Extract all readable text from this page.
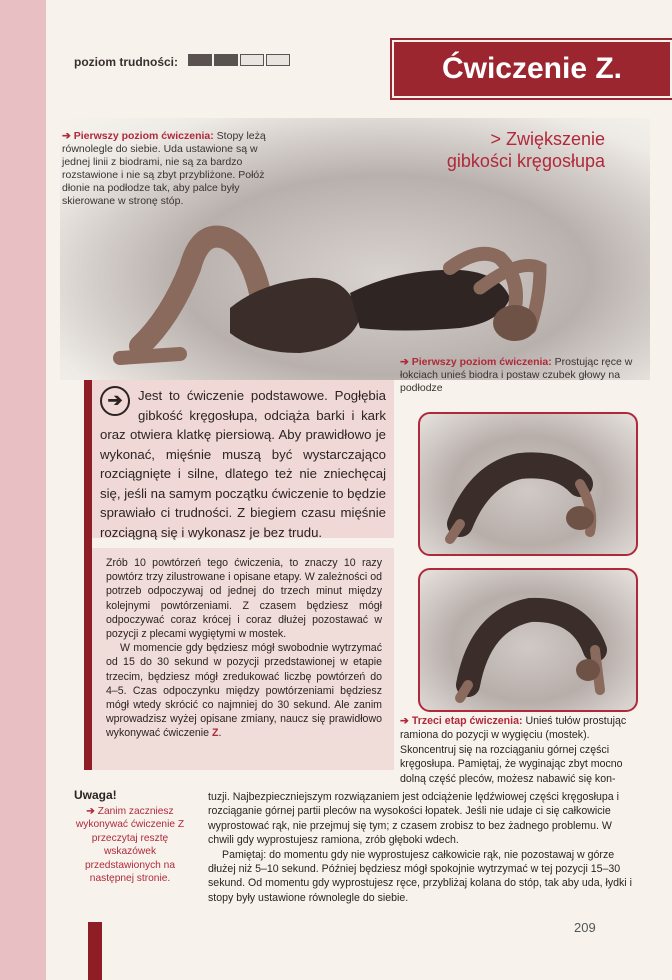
poziom trudności:	Ćwiczenie Z.
➔ Pierwszy poziom ćwiczenia: Stopy leżą równolegle do siebie. Uda ustawione są w jednej linii z biodrami, nie są za bardzo rozstawione i nie są zbyt przybliżone. Połóż dłonie na podłodze tak, aby palce były skierowane w stronę stóp.
> Zwiększenie
gibkości kręgosłupa
➔ Pierwszy poziom ćwiczenia: Prostując ręce w łokciach unieś biodra i postaw czubek głowy na podłodze
➔	Jest to ćwiczenie podstawowe. Pogłębia gibkość kręgosłupa, odciąża barki i kark oraz otwiera klatkę piersiową. Aby prawidłowo je wykonać, mięśnie muszą być wystarczająco rozciągnięte i silne, dlatego też nie zniechęcaj się, jeśli na samym początku ćwiczenie to będzie sprawiało ci trudności. Z biegiem czasu mięśnie rozciągną się i wykonasz je bez trudu.

Zrób 10 powtórzeń tego ćwiczenia, to znaczy 10 razy powtórz trzy zilustrowane i opisane etapy. W zależności od potrzeb odpoczywaj od jednej do trzech minut między kolejnymi powtórzeniami. Z czasem będziesz mógł odpoczywać coraz krócej i coraz dłużej pozostawać w pozycji z plecami wygiętymi w mostek.

W momencie gdy będziesz mógł swobodnie wytrzymać od 15 do 30 sekund w pozycji przedstawionej w etapie trzecim, będziesz mógł zredukować liczbę powtórzeń do 4–5. Czas odpoczynku między powtórzeniami będziesz mógł wtedy skrócić co najmniej do 30 sekund. Ale zanim wprowadzisz wyżej opisane zmiany, naucz się prawidłowo wykonywać ćwiczenie Z.

➔ Trzeci etap ćwiczenia: Unieś tułów prostując ramiona do pozycji w wygięciu (mostek). Skoncentruj się na rozciąganiu górnej części kręgosłupa. Pamiętaj, że wyginając zbyt mocno dolną część pleców, możesz nabawić się kon-
tuzji. Najbezpieczniejszym rozwiązaniem jest odciążenie lędźwiowej części kręgosłupa i rozciąganie górnej partii pleców na wysokości łopatek. Jeśli nie udaje ci się całkowicie wyprostować rąk, nie przejmuj się tym; z czasem zrobisz to bez żadnego problemu. W chwili gdy wyprostujesz ramiona, zrób głęboki wdech.
Pamiętaj: do momentu gdy nie wyprostujesz całkowicie rąk, nie pozostawaj w górze dłużej niż 5–10 sekund. Później będziesz mógł spokojnie wytrzymać w tej pozycji 15–30 sekund. Od momentu gdy wyprostujesz ręce, przybliżaj kolana do stóp, tak aby uda, łydki i stopy były ustawione równolegle do siebie.
Uwaga!
➔ Zanim zaczniesz wykonywać ćwiczenie Z przeczytaj resztę wskazówek przedstawionych na następnej stronie.
209
